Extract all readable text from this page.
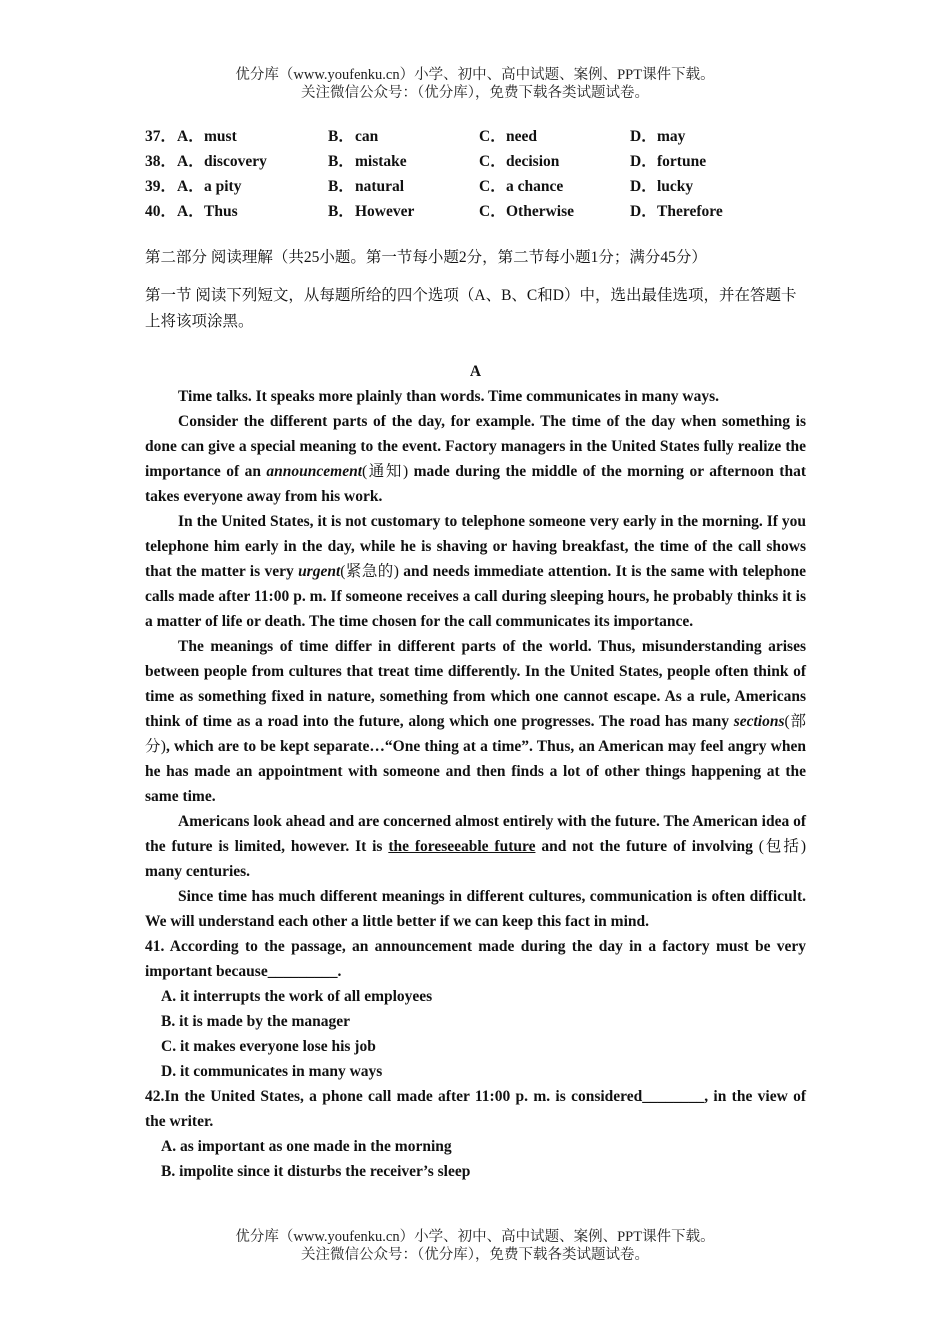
优分库（www.youfenku.cn）小学、初中、高中试题、案例、PPT课件下载。
关注微信公众号：（优分库），免费下载各类试题试卷。
37． A．must	B．can	C．need	D．may
38． A．discovery	B．mistake	C．decision	D．fortune
39． A．a pity	B．natural	C．a chance	D．lucky
40． A．Thus	B．However	C．Otherwise	D．Therefore
第二部分 阅读理解（共25小题。第一节每小题2分，第二节每小题1分；满分45分）
第一节 阅读下列短文，从每题所给的四个选项（A、B、C和D）中，选出最佳选项，并在答题卡上将该项涂黑。
A

Time talks. It speaks more plainly than words. Time communicates in many ways.

Consider the different parts of the day, for example. The time of the day when something is done can give a special meaning to the event. Factory managers in the United States fully realize the importance of an announcement(通知) made during the middle of the morning or afternoon that takes everyone away from his work.

In the United States, it is not customary to telephone someone very early in the morning. If you telephone him early in the day, while he is shaving or having breakfast, the time of the call shows that the matter is very urgent(紧急的) and needs immediate attention. It is the same with telephone calls made after 11:00 p. m. If someone receives a call during sleeping hours, he probably thinks it is a matter of life or death. The time chosen for the call communicates its importance.

The meanings of time differ in different parts of the world. Thus, misunderstanding arises between people from cultures that treat time differently. In the United States, people often think of time as something fixed in nature, something from which one cannot escape. As a rule, Americans think of time as a road into the future, along which one progresses. The road has many sections(部分), which are to be kept separate…“One thing at a time”. Thus, an American may feel angry when he has made an appointment with someone and then finds a lot of other things happening at the same time.

Americans look ahead and are concerned almost entirely with the future. The American idea of the future is limited, however. It is the foreseeable future and not the future of involving (包括) many centuries.

Since time has much different meanings in different cultures, communication is often difficult. We will understand each other a little better if we can keep this fact in mind.

41. According to the passage, an announcement made during the day in a factory must be very important because_________.

A. it interrupts the work of all employees

B. it is made by the manager

C. it makes everyone lose his job

D. it communicates in many ways

42.In the United States, a phone call made after 11:00 p. m. is considered________, in the view of the writer.

A. as important as one made in the morning

B. impolite since it disturbs the receiver’s sleep

优分库（www.youfenku.cn）小学、初中、高中试题、案例、PPT课件下载。
关注微信公众号：（优分库），免费下载各类试题试卷。
